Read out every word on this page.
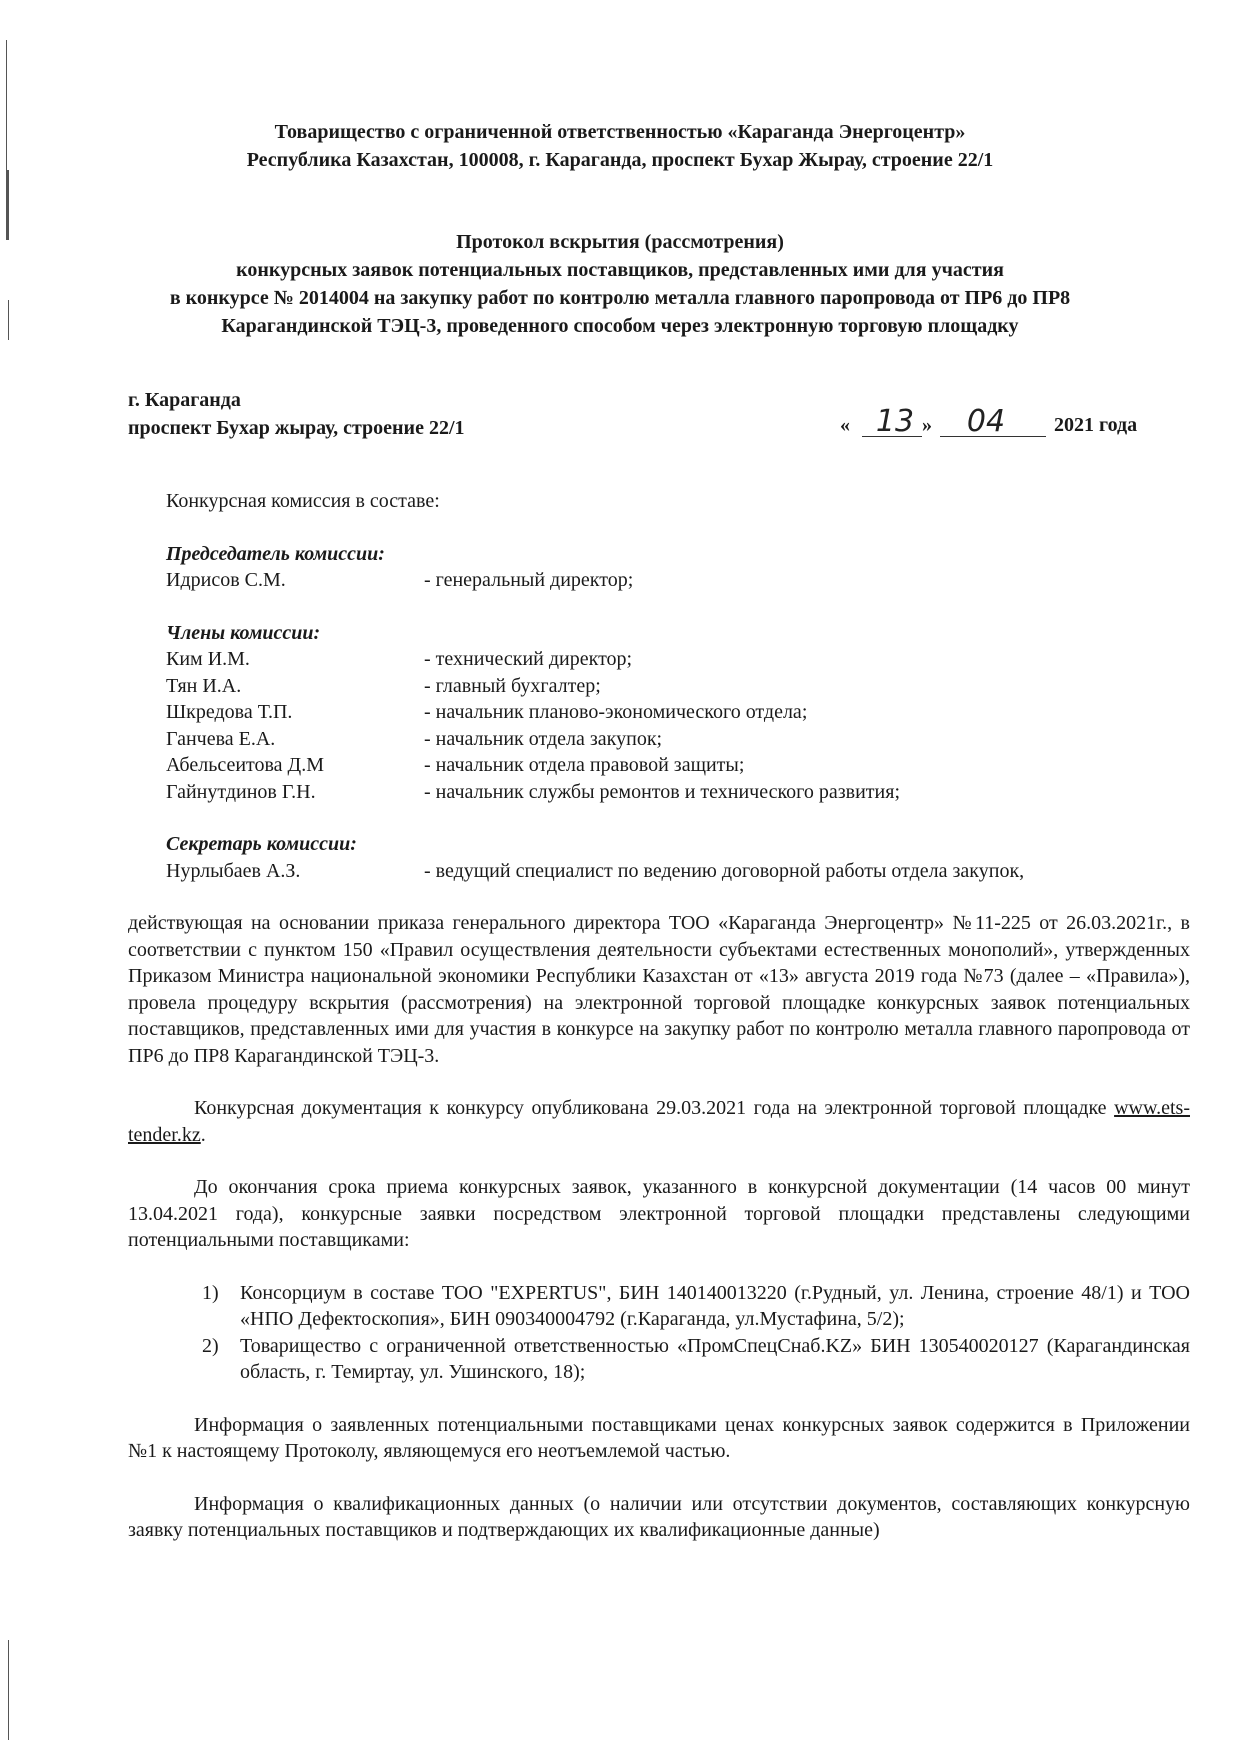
Товарищество с ограниченной ответственностью «Караганда Энергоцентр»
Республика Казахстан, 100008, г. Караганда, проспект Бухар Жырау, строение 22/1
Протокол вскрытия (рассмотрения)
конкурсных заявок потенциальных поставщиков, представленных ими для участия
в конкурсе № 2014004 на закупку работ по контролю металла главного паропровода от ПР6 до ПР8
Карагандинской ТЭЦ-3, проведенного способом через электронную торговую площадку
г. Караганда
проспект Бухар жырау, строение 22/1	« 13 »	04	2021 года
Конкурсная комиссия в составе:
Председатель комиссии:
Идрисов С.М.	- генеральный директор;
Члены комиссии:
Ким И.М.	- технический директор;
Тян И.А.	- главный бухгалтер;
Шкредова Т.П.	- начальник планово-экономического отдела;
Ганчева Е.А.	- начальник отдела закупок;
Абельсеитова Д.М	- начальник отдела правовой защиты;
Гайнутдинов Г.Н.	- начальник службы ремонтов и технического развития;
Секретарь комиссии:
Нурлыбаев А.З.	- ведущий специалист по ведению договорной работы отдела закупок,

действующая на основании приказа генерального директора ТОО «Караганда Энергоцентр» №11-225 от 26.03.2021г., в соответствии с пунктом 150 «Правил осуществления деятельности субъектами естественных монополий», утвержденных Приказом Министра национальной экономики Республики Казахстан от «13» августа 2019 года №73 (далее – «Правила»), провела процедуру вскрытия (рассмотрения) на электронной торговой площадке конкурсных заявок потенциальных поставщиков, представленных ими для участия в конкурсе на закупку работ по контролю металла главного паропровода от ПР6 до ПР8 Карагандинской ТЭЦ-3.

Конкурсная документация к конкурсу опубликована 29.03.2021 года на электронной торговой площадке www.ets-tender.kz.

До окончания срока приема конкурсных заявок, указанного в конкурсной документации (14 часов 00 минут 13.04.2021 года), конкурсные заявки посредством электронной торговой площадки представлены следующими потенциальными поставщиками:

1) Консорциум в составе ТОО "EXPERTUS", БИН 140140013220 (г.Рудный, ул. Ленина, строение 48/1) и ТОО «НПО Дефектоскопия», БИН 090340004792 (г.Караганда, ул.Мустафина, 5/2);
2) Товарищество с ограниченной ответственностью «ПромСпецСнаб.KZ» БИН 130540020127 (Карагандинская область, г. Темиртау, ул. Ушинского, 18);

Информация о заявленных потенциальными поставщиками ценах конкурсных заявок содержится в Приложении №1 к настоящему Протоколу, являющемуся его неотъемлемой частью.

Информация о квалификационных данных (о наличии или отсутствии документов, составляющих конкурсную заявку потенциальных поставщиков и подтверждающих их квалификационные данные)
